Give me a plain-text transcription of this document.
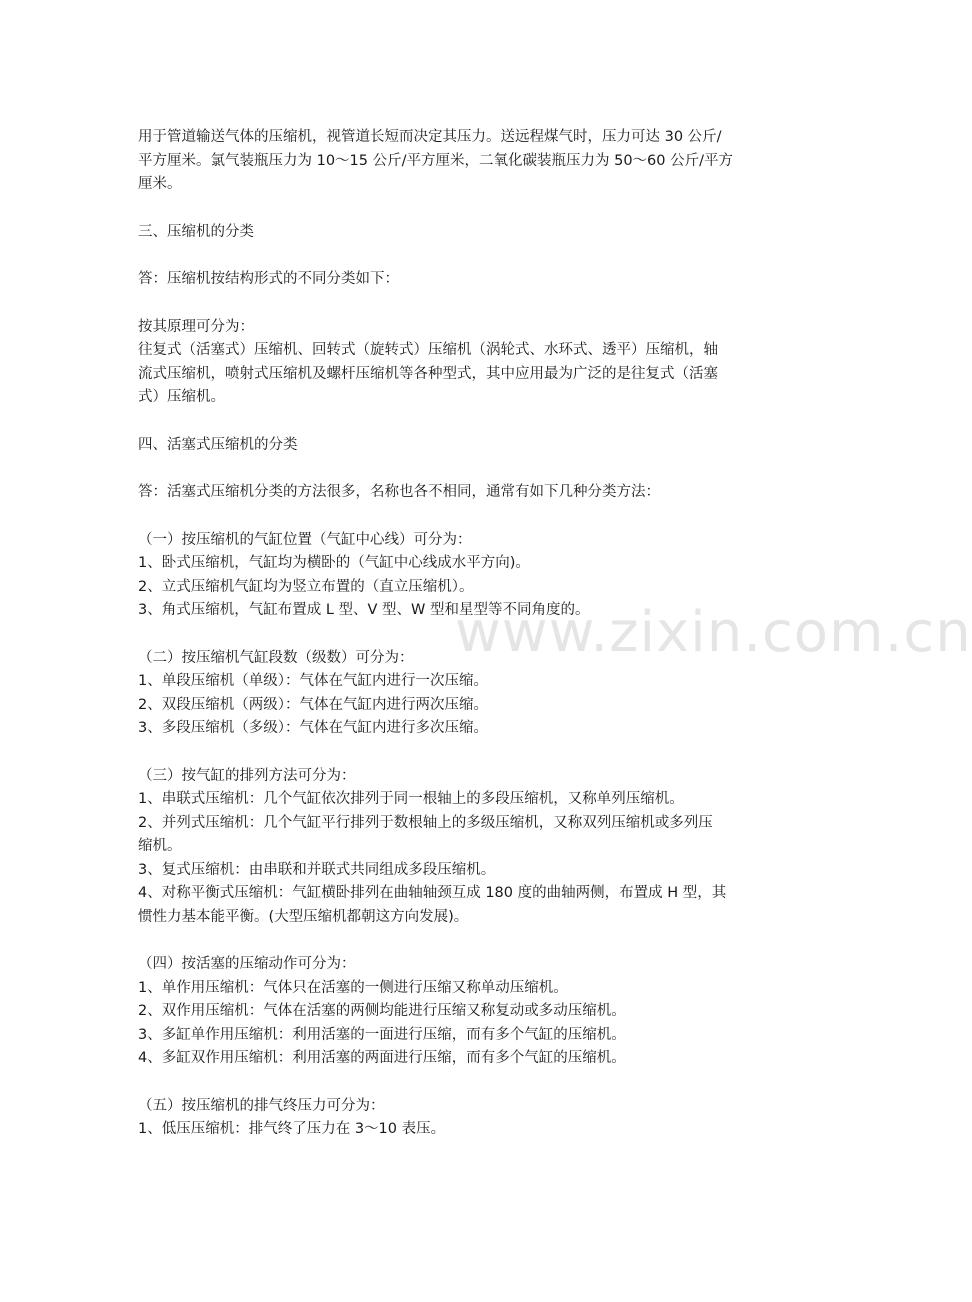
www.zixin.com.cn
用于管道输送气体的压缩机，视管道长短而决定其压力。送远程煤气时，压力可达 30 公斤/
平方厘米。氯气装瓶压力为 10～15 公斤/平方厘米，二氧化碳装瓶压力为 50～60 公斤/平方
厘米。
三、压缩机的分类
答：压缩机按结构形式的不同分类如下：
按其原理可分为：
往复式（活塞式）压缩机、回转式（旋转式）压缩机（涡轮式、水环式、透平）压缩机，轴
流式压缩机，喷射式压缩机及螺杆压缩机等各种型式，其中应用最为广泛的是往复式（活塞
式）压缩机。
四、活塞式压缩机的分类
答：活塞式压缩机分类的方法很多，名称也各不相同，通常有如下几种分类方法：
（一）按压缩机的气缸位置（气缸中心线）可分为：
1、卧式压缩机，气缸均为横卧的（气缸中心线成水平方向)。
2、立式压缩机气缸均为竖立布置的（直立压缩机）。
3、角式压缩机，气缸布置成 L 型、V 型、W 型和星型等不同角度的。
（二）按压缩机气缸段数（级数）可分为：
1、单段压缩机（单级）：气体在气缸内进行一次压缩。
2、双段压缩机（两级）：气体在气缸内进行两次压缩。
3、多段压缩机（多级）：气体在气缸内进行多次压缩。
（三）按气缸的排列方法可分为：
1、串联式压缩机：几个气缸依次排列于同一根轴上的多段压缩机，又称单列压缩机。
2、并列式压缩机：几个气缸平行排列于数根轴上的多级压缩机，又称双列压缩机或多列压
缩机。
3、复式压缩机：由串联和并联式共同组成多段压缩机。
4、对称平衡式压缩机：气缸横卧排列在曲轴轴颈互成 180 度的曲轴两侧，布置成 H 型，其
惯性力基本能平衡。(大型压缩机都朝这方向发展)。
（四）按活塞的压缩动作可分为：
1、单作用压缩机：气体只在活塞的一侧进行压缩又称单动压缩机。
2、双作用压缩机：气体在活塞的两侧均能进行压缩又称复动或多动压缩机。
3、多缸单作用压缩机：利用活塞的一面进行压缩，而有多个气缸的压缩机。
4、多缸双作用压缩机：利用活塞的两面进行压缩，而有多个气缸的压缩机。
（五）按压缩机的排气终压力可分为：
1、低压压缩机：排气终了压力在 3～10 表压。
